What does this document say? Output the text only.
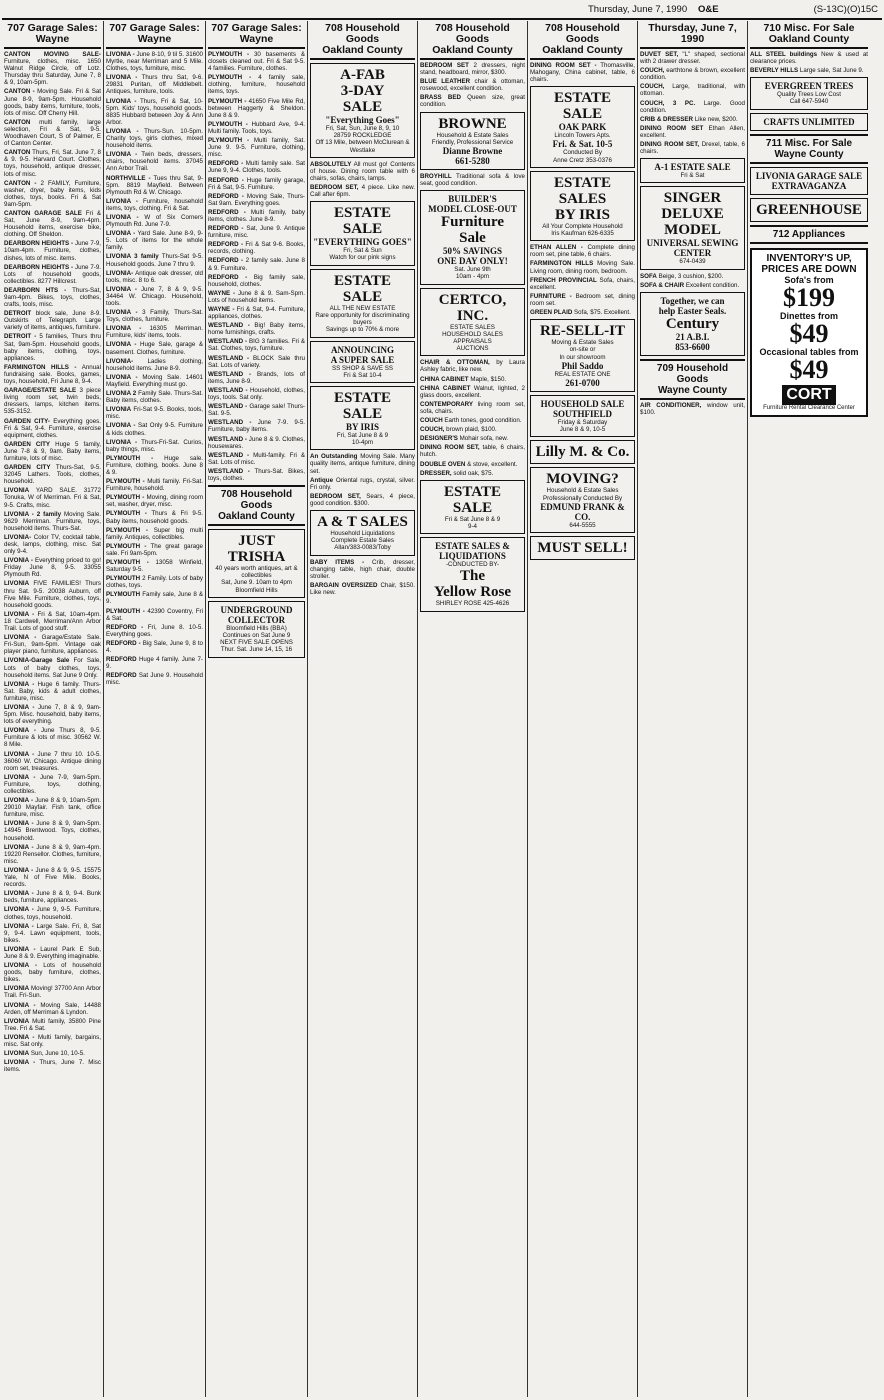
Thursday, June 7, 1990 O&E	(S-13C)(O)15C
707 Garage Sales:
Wayne

CANTON MOVING SALE- Furniture, clothes, misc. 1650 Walnut Ridge Circle, off Lotz. Thursday thru Saturday, June 7, 8 & 9, 10am-5pm.

CANTON - Moving Sale. Fri & Sat June 8-9, 9am-5pm. Household goods, baby items, furniture, tools, lots of misc. Off Cherry Hill.

CANTON multi family, large selection, Fri & Sat, 9-5. Woodhaven Court, S of Palmer, E of Canton Center.

CANTON Thurs, Fri, Sat. June 7, 8 & 9. 9-5. Harvard Court. Clothes, toys, household, antique dresser, lots of misc.

CANTON - 2 FAMILY, Furniture, washer, dryer, baby items, kids clothes, toys, books. Fri & Sat 9am-5pm.

CANTON GARAGE SALE Fri & Sat, June 8-9, 9am-4pm. Household items, exercise bike, clothing. Off Sheldon.

DEARBORN HEIGHTS - June 7-9, 10am-4pm. Furniture, clothes, dishes, lots of misc. items.

DEARBORN HEIGHTS - June 7-9. Lots of household goods, collectibles. 8277 Hillcrest.

DEARBORN HTS - Thurs-Sat, 9am-4pm. Bikes, toys, clothes, crafts, tools, misc.

DETROIT block sale, June 8-9. Outskirts of Telegraph. Large variety of items, antiques, furniture.

DETROIT - 5 families, Thurs thru Sat, 9am-5pm. Household goods, baby items, clothing, toys, appliances.

FARMINGTON HILLS - Annual fundraising sale. Books, games, toys, household, Fri June 8, 9-4.

GARAGE/ESTATE SALE 3 piece living room set, twin beds, dressers, lamps, kitchen items. 535-3152.

GARDEN CITY- Everything goes. Fri & Sat, 9-4. Furniture, exercise equipment, clothes.

GARDEN CITY Huge 5 family, June 7-8 & 9, 9am. Baby items, furniture, lots of misc.

GARDEN CITY Thurs-Sat, 9-5. 32045 Lathers. Tools, clothes, household.

LIVONIA YARD SALE. 31772 Tonuka, W of Merriman. Fri & Sat, 9-5. Crafts, misc.

LIVONIA - 2 family Moving Sale. 9629 Merriman. Furniture, toys, household items. Thurs-Sat.

LIVONIA- Color TV, cocktail table, desk, lamps, clothing, misc. Sat only 9-4.

LIVONIA - Everything priced to go! Friday June 8, 9-5. 33055 Plymouth Rd.

LIVONIA FIVE FAMILIES! Thurs thru Sat. 9-5. 20038 Auburn, off Five Mile. Furniture, clothes, toys, household goods.

LIVONIA - Fri & Sat, 10am-4pm. 18 Cardwell, Merriman/Ann Arbor Trail. Lots of good stuff.

LIVONIA - Garage/Estate Sale. Fri-Sun, 9am-5pm. Vintage oak player piano, furniture, appliances.

LIVONIA-Garage Sale For Sale, Lots of baby clothes, toys, household items. Sat June 9 Only.

LIVONIA - Huge 6 family. Thurs-Sat. Baby, kids & adult clothes, furniture, misc.

LIVONIA - June 7, 8 & 9, 9am-5pm. Misc. household, baby items, lots of everything.

LIVONIA - June Thurs 8, 9-5. Furniture & lots of misc. 30562 W. 8 Mile.

LIVONIA - June 7 thru 10. 10-5. 36060 W. Chicago. Antique dining room set, treasures.

LIVONIA - June 7-9, 9am-5pm. Furniture, toys, clothing, collectibles.

LIVONIA - June 8 & 9, 10am-5pm. 29010 Mayfair. Fish tank, office furniture, misc.

LIVONIA - June 8 & 9, 9am-5pm. 14945 Brentwood. Toys, clothes, household.

LIVONIA - June 8 & 9, 9am-4pm. 19220 Rensellor. Clothes, furniture, misc.

LIVONIA - June 8 & 9, 9-5. 15575 Yale, N of Five Mile. Books, records.

LIVONIA - June 8 & 9, 9-4. Bunk beds, furniture, appliances.

LIVONIA - June 9, 9-5. Furniture, clothes, toys, household.

LIVONIA - Large Sale. Fri, 8, Sat 9, 9-4. Lawn equipment, tools, bikes.

LIVONIA - Laurel Park E Sub, June 8 & 9. Everything imaginable.

LIVONIA - Lots of household goods, baby furniture, clothes, bikes.

LIVONIA Moving! 37700 Ann Arbor Trail. Fri-Sun.

LIVONIA - Moving Sale, 14488 Arden, off Merriman & Lyndon.

LIVONIA Multi family, 35800 Pine Tree. Fri & Sat.

LIVONIA - Multi family, bargains, misc. Sat only.

LIVONIA Sun, June 10, 10-5.

LIVONIA - Thurs, June 7. Misc items.

707 Garage Sales:
Wayne

LIVONIA - June 8-10, 9 til 5. 31600 Myrtle, near Merriman and 5 Mile. Clothes, toys, furniture, misc.

LIVONIA - Thurs thru Sat, 9-6. 29831 Puritan, off Middlebelt. Antiques, furniture, tools.

LIVONIA - Thurs, Fri & Sat, 10-5pm. Kids' toys, household goods. 8835 Hubbard between Joy & Ann Arbor.

LIVONIA - Thurs-Sun. 10-5pm. Charity toys, girls clothes, mixed household items.

LIVONIA - Twin beds, dressers, chairs, household items. 37045 Ann Arbor Trail.

NORTHVILLE - Tues thru Sat, 9-5pm. 8819 Mayfield. Between Plymouth Rd & W. Chicago.

LIVONIA - Furniture, household items, toys, clothing. Fri & Sat.

LIVONIA - W of Six Corners Plymouth Rd. June 7-9.

LIVONIA - Yard Sale. June 8-9, 9-5. Lots of items for the whole family.

LIVONIA 3 family Thurs-Sat 9-5. Household goods. June 7 thru 9.

LIVONIA- Antique oak dresser, old tools, misc. 8 to 6.

LIVONIA - June 7, 8 & 9, 9-5. 34464 W. Chicago. Household, tools.

LIVONIA - 3 Family, Thurs-Sat. Toys, clothes, furniture.

LIVONIA - 16305 Merriman. Furniture, kids' items, tools.

LIVONIA - Huge Sale, garage & basement. Clothes, furniture.

LIVONIA- Ladies clothing, household items. June 8-9.

LIVONIA - Moving Sale. 14601 Mayfield. Everything must go.

LIVONIA 2 Family Sale. Thurs-Sat. Baby items, clothes.

LIVONIA Fri-Sat 9-5. Books, tools, misc.

LIVONIA - Sat Only 9-5. Furniture & kids clothes.

LIVONIA - Thurs-Fri-Sat. Curios, baby things, misc.

PLYMOUTH - Huge sale. Furniture, clothing, books. June 8 & 9.

PLYMOUTH - Multi family. Fri-Sat. Furniture, household.

PLYMOUTH - Moving, dining room set, washer, dryer, misc.

PLYMOUTH - Thurs & Fri 9-5. Baby items, household goods.

PLYMOUTH - Super big multi family. Antiques, collectibles.

PLYMOUTH - The great garage sale. Fri 9am-5pm.

PLYMOUTH - 13058 Winfield, Saturday 9-5.

PLYMOUTH 2 Family. Lots of baby clothes, toys.

PLYMOUTH Family sale, June 8 & 9.

PLYMOUTH - 42390 Coventry, Fri & Sat.

REDFORD - Fri, June 8. 10-5. Everything goes.

REDFORD - Big Sale, June 9, 8 to 4.

REDFORD Huge 4 family. June 7-9.

REDFORD Sat June 9. Household misc.

707 Garage Sales:
Wayne

PLYMOUTH - 30 basements & closets cleaned out. Fri & Sat 9-5. 4 families. Furniture, clothes.

PLYMOUTH - 4 family sale, clothing, furniture, household items, toys.

PLYMOUTH - 41650 Five Mile Rd, between Haggerty & Sheldon. June 8 & 9.

PLYMOUTH - Hubbard Ave, 9-4. Multi family. Tools, toys.

PLYMOUTH - Multi family, Sat. June 9. 9-5. Furniture, clothing, misc.

REDFORD - Multi family sale. Sat June 9, 9-4. Clothes, tools.

REDFORD - Huge family garage, Fri & Sat, 9-5. Furniture.

REDFORD - Moving Sale, Thurs-Sat 9am. Everything goes.

REDFORD - Multi family, baby items, clothes. June 8-9.

REDFORD - Sat, June 9. Antique furniture, misc.

REDFORD - Fri & Sat 9-6. Books, records, clothing.

REDFORD - 2 family sale. June 8 & 9. Furniture.

REDFORD - Big family sale, household, clothes.

WAYNE - June 8 & 9. Sam-Spm. Lots of household items.

WAYNE - Fri & Sat, 9-4. Furniture, appliances, clothes.

WESTLAND - Big! Baby items, home furnishings, crafts.

WESTLAND - BIG 3 families. Fri & Sat. Clothes, toys, furniture.

WESTLAND - BLOCK Sale thru Sat. Lots of variety.

WESTLAND - Brands, lots of items, June 8-9.

WESTLAND - Household, clothes, toys, tools. Sat only.

WESTLAND - Garage sale! Thurs-Sat. 9-5.

WESTLAND - June 7-9. 9-5. Furniture, baby items.

WESTLAND - June 8 & 9. Clothes, housewares.

WESTLAND - Multi-family. Fri & Sat. Lots of misc.

WESTLAND - Thurs-Sat. Bikes, toys, clothes.

708 Household Goods
Oakland County
JUST TRISHA
40 years worth antiques, art & collectibles
Sat, June 9. 10am to 4pm
Bloomfield Hills
UNDERGROUND COLLECTOR
Bloomfield Hills (BBA)
Continues on Sat June 9
NEXT FIVE SALE OPENS
Thur. Sat. June 14, 15, 16
708 Household Goods
Oakland County
A-FAB
3-DAY
SALE
"Everything Goes"
Fri, Sat, Sun, June 8, 9, 10
28759 ROCKLEDGE
Off 13 Mile, between McClurean & Westlake

ABSOLUTELY All must go! Contents of house. Dining room table with 6 chairs, sofas, chairs, lamps.

BEDROOM SET, 4 piece. Like new. Call after 6pm.

ESTATE SALE
"EVERYTHING GOES"
Fri, Sat & Sun
Watch for our pink signs
ESTATE SALE
ALL THE NEW ESTATE
Rare opportunity for discriminating buyers
Savings up to 70% & more
ANNOUNCING
A SUPER SALE
SS SHOP & SAVE SS
Fri & Sat 10-4
ESTATE SALE
BY IRIS
Fri, Sat June 8 & 9
10-4pm

An Outstanding Moving Sale. Many quality items, antique furniture, dining set.

Antique Oriental rugs, crystal, silver. Fri only.

BEDROOM SET, Sears, 4 piece, good condition. $300.

A & T SALES
Household Liquidations
Complete Estate Sales
Allan/383-0083/Toby

BABY ITEMS - Crib, dresser, changing table, high chair, double stroller.

BARGAIN OVERSIZED Chair, $150. Like new.

708 Household Goods
Oakland County

BEDROOM SET 2 dressers, night stand, headboard, mirror, $300.

BLUE LEATHER chair & ottoman, rosewood, excellent condition.

BRASS BED Queen size, great condition.

BROWNE
Household & Estate Sales
Friendly, Professional Service
Dianne Browne
661-5280

BROYHILL Traditional sofa & love seat, good condition.

BUILDER'S
MODEL CLOSE-OUT
Furniture
Sale
50% SAVINGS
ONE DAY ONLY!
Sat. June 9th
10am - 4pm
CERTCO, INC.
ESTATE SALES
HOUSEHOLD SALES
APPRAISALS
AUCTIONS

CHAIR & OTTOMAN, by Laura Ashley fabric, like new.

CHINA CABINET Maple, $150.

CHINA CABINET Walnut, lighted, 2 glass doors, excellent.

CONTEMPORARY living room set, sofa, chairs.

COUCH Earth tones, good condition.

COUCH, brown plaid, $100.

DESIGNER'S Mohair sofa, new.

DINING ROOM SET, table, 6 chairs, hutch.

DOUBLE OVEN & stove, excellent.

DRESSER, solid oak, $75.

ESTATE SALE
Fri & Sat June 8 & 9
9-4
ESTATE SALES &
LIQUIDATIONS
-CONDUCTED BY-
The
Yellow Rose
SHIRLEY ROSE 425-4626
708 Household Goods
Oakland County

DINING ROOM SET - Thomasville, Mahogany, China cabinet, table, 6 chairs.

ESTATE SALE
OAK PARK
Lincoln Towers Apts.
Fri. & Sat. 10-5
Conducted By
Anne Cretz 353-0376
ESTATE SALES
BY IRIS
All Your Complete Household
Iris Kaufman 626-6335

ETHAN ALLEN - Complete dining room set, pine table, 6 chairs.

FARMINGTON HILLS Moving Sale. Living room, dining room, bedroom.

FRENCH PROVINCIAL Sofa, chairs, excellent.

FURNITURE - Bedroom set, dining room set.

GREEN PLAID Sofa, $75. Excellent.

RE-SELL-IT
Moving & Estate Sales
on-site or
In our showroom
Phil Saddo
REAL ESTATE ONE
261-0700
HOUSEHOLD SALE
SOUTHFIELD
Friday & Saturday
June 8 & 9, 10-5
Lilly M. & Co.
MOVING?
Household & Estate Sales
Professionally Conducted By
EDMUND FRANK & CO.
644-5555
MUST SELL!
Thursday, June 7, 1990

DUVET SET, "L" shaped, sectional with 2 drawer dresser.

COUCH, earthtone & brown, excellent condition.

COUCH, Large, traditional, with ottoman.

COUCH, 3 PC. Large. Good condition.

CRIB & DRESSER Like new, $200.

DINING ROOM SET Ethan Allen, excellent.

DINING ROOM SET, Drexel, table, 6 chairs.

A-1 ESTATE SALE
Fri & Sat
SINGER
DELUXE MODEL
UNIVERSAL SEWING CENTER
674-0439

SOFA Beige, 3 cushion, $200.

SOFA & CHAIR Excellent condition.

Together, we can
help Easter Seals.
Century
21 A.B.I.
853-6600
709 Household Goods
Wayne County

AIR CONDITIONER, window unit, $100.

710 Misc. For Sale
Oakland County

ALL STEEL buildings New & used at clearance prices.

BEVERLY HILLS Large sale, Sat June 9.

EVERGREEN TREES
Quality Trees Low Cost
Call 647-5940
CRAFTS UNLIMITED
711 Misc. For Sale
Wayne County
LIVONIA GARAGE SALE
EXTRAVAGANZA
GREENHOUSE
712 Appliances
INVENTORY'S UP, PRICES ARE DOWN
Sofa's from
$199
Dinettes from
$49
Occasional tables from
$49
CORT
Furniture Rental Clearance Center
